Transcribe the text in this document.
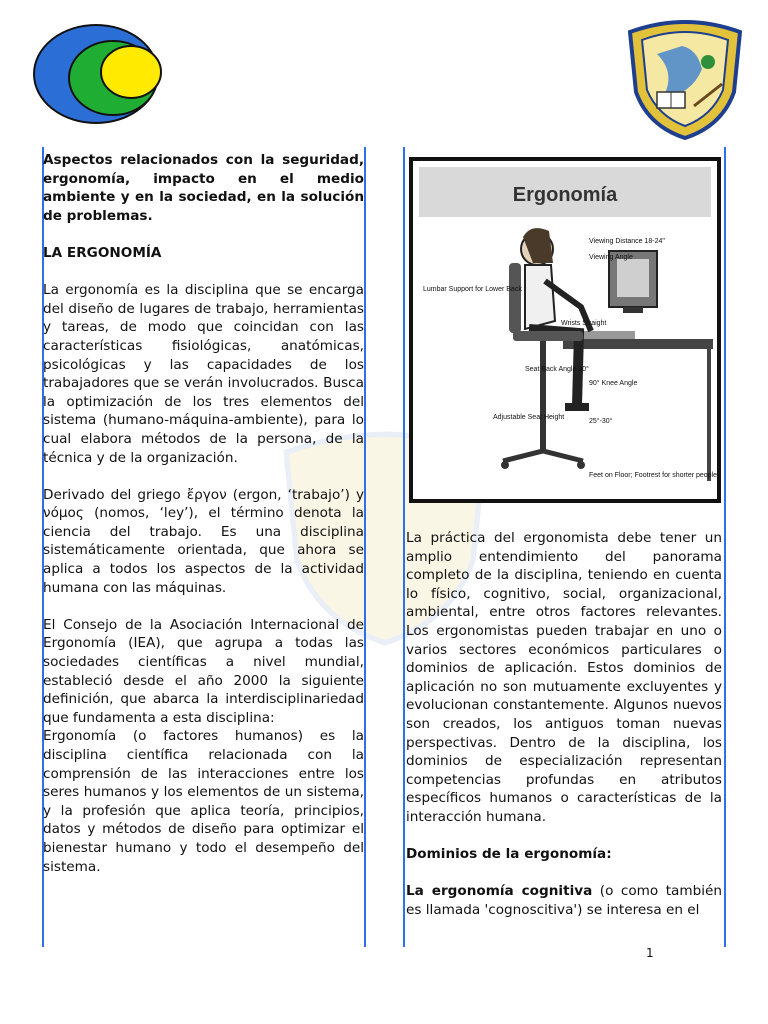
Aspectos relacionados con la seguridad, ergonomía, impacto en el medio ambiente y en la sociedad, en la solución de problemas.

LA ERGONOMÍA

La ergonomía es la disciplina que se encarga del diseño de lugares de trabajo, herramientas y tareas, de modo que coincidan con las características fisiológicas, anatómicas, psicológicas y las capacidades de los trabajadores que se verán involucrados. Busca la optimización de los tres elementos del sistema (humano-máquina-ambiente), para lo cual elabora métodos de la persona, de la técnica y de la organización.

Derivado del griego ἔργον (ergon, ‘trabajo’) y νόμος (nomos, ‘ley’), el término denota la ciencia del trabajo. Es una disciplina sistemáticamente orientada, que ahora se aplica a todos los aspectos de la actividad humana con las máquinas.

El Consejo de la Asociación Internacional de Ergonomía (IEA), que agrupa a todas las sociedades científicas a nivel mundial, estableció desde el año 2000 la siguiente definición, que abarca la interdisciplinariedad que fundamenta a esta disciplina:

Ergonomía (o factores humanos) es la disciplina científica relacionada con la comprensión de las interacciones entre los seres humanos y los elementos de un sistema, y la profesión que aplica teoría, principios, datos y métodos de diseño para optimizar el bienestar humano y todo el desempeño del sistema.

Ergonomía
Viewing Distance 18-24"
Viewing Angle
Wrists Straight
Lumbar Support for Lower Back
Seat Back Angle 90°
90° Knee Angle
Adjustable Seat Height
25°-30°
Feet on Floor; Footrest for shorter people

La práctica del ergonomista debe tener un amplio entendimiento del panorama completo de la disciplina, teniendo en cuenta lo físico, cognitivo, social, organizacional, ambiental, entre otros factores relevantes. Los ergonomistas pueden trabajar en uno o varios sectores económicos particulares o dominios de aplicación. Estos dominios de aplicación no son mutuamente excluyentes y evolucionan constantemente. Algunos nuevos son creados, los antiguos toman nuevas perspectivas. Dentro de la disciplina, los dominios de especialización representan competencias profundas en atributos específicos humanos o características de la interacción humana.

Dominios de la ergonomía:

La ergonomía cognitiva (o como también es llamada 'cognoscitiva') se interesa en el

1
